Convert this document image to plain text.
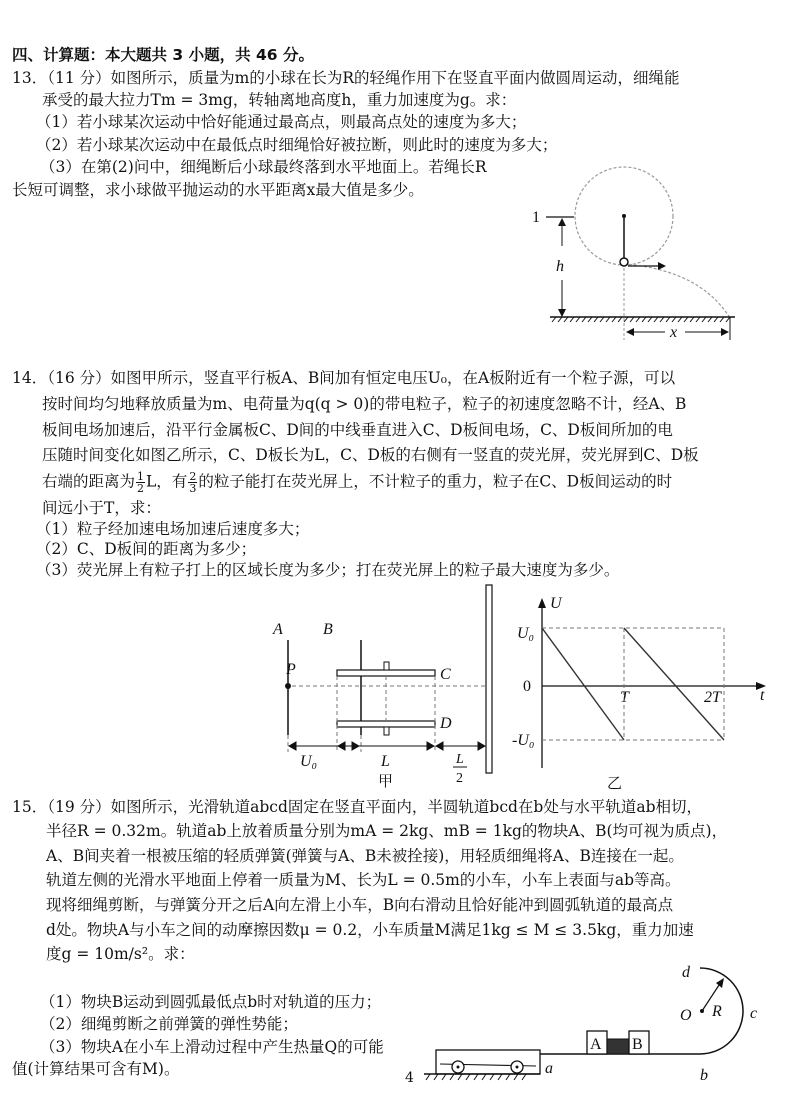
四、计算题：本大题共 3 小题，共 46 分。
13．（11 分）如图所示，质量为m的小球在长为R的轻绳作用下在竖直平面内做圆周运动，细绳能
承受的最大拉力Tm = 3mg，转轴离地高度h，重力加速度为g。求：
（1）若小球某次运动中恰好能通过最高点，则最高点处的速度为多大；
（2）若小球某次运动中在最低点时细绳恰好被拉断，则此时的速度为多大；
（3）在第(2)问中，细绳断后小球最终落到水平地面上。若绳长R
长短可调整，求小球做平抛运动的水平距离x最大值是多少。
1
h
x
14．（16 分）如图甲所示，竖直平行板A、B间加有恒定电压U₀，在A板附近有一个粒子源，可以
按时间均匀地释放质量为m、电荷量为q(q > 0)的带电粒子，粒子的初速度忽略不计，经A、B
板间电场加速后，沿平行金属板C、D间的中线垂直进入C、D板间电场，C、D板间所加的电
压随时间变化如图乙所示，C、D板长为L，C、D板的右侧有一竖直的荧光屏，荧光屏到C、D板
右端的距离为 $\frac{1}{2}$ L，有 $\frac{2}{3}$ 的粒子能打在荧光屏上，不计粒子的重力，粒子在C、D板间运动的时
间远小于T，求：
（1）粒子经加速电场加速后速度多大；
（2）C、D板间的距离为多少；
（3）荧光屏上有粒子打上的区域长度为多少；打在荧光屏上的粒子最大速度为多少。
A	B
C
D
P
U₀	L	L
2
甲
U
t
U₀
0
-U₀
T	2T
乙
15．（19 分）如图所示，光滑轨道abcd固定在竖直平面内，半圆轨道bcd在b处与水平轨道ab相切，
半径R = 0.32m。轨道ab上放着质量分别为mA = 2kg、mB = 1kg的物块A、B(均可视为质点)，
A、B间夹着一根被压缩的轻质弹簧(弹簧与A、B未被拴接)，用轻质细绳将A、B连接在一起。
轨道左侧的光滑水平地面上停着一质量为M、长为L = 0.5m的小车，小车上表面与ab等高。
现将细绳剪断，与弹簧分开之后A向左滑上小车，B向右滑动且恰好能冲到圆弧轨道的最高点
d处。物块A与小车之间的动摩擦因数μ = 0.2，小车质量M满足1kg ≤ M ≤ 3.5kg，重力加速
度g = 10m/s²。求：
（1）物块B运动到圆弧最低点b时对轨道的压力；
（2）细绳剪断之前弹簧的弹性势能；
（3）物块A在小车上滑动过程中产生热量Q的可能
值(计算结果可含有M)。
d
O R c
b
a
A B
4
